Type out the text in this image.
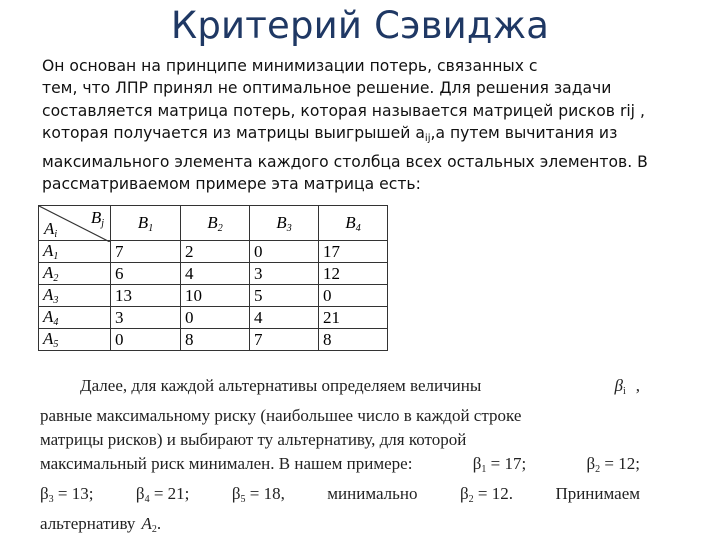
Критерий Сэвиджа

Он основан на принципе минимизации потерь, связанных с

тем, что ЛПР принял не оптимальное решение. Для решения задачи

составляется матрица потерь, которая называется матрицей рисков rij ,

которая получается из матрицы выигрышей $a_{ij},а$ путем вычитания из

максимального элемента каждого столбца всех остальных элементов. В

рассматриваемом примере эта матрица есть:

$B_j$
$A_i$	$B_1$	$B_2$	$B_3$	$B_4$
$A_1$	7	2	0	17
$A_2$	6	4	3	12
$A_3$	13	10	5	0
$A_4$	3	0	4	21
$A_5$	0	8	7	8
Далее, для каждой альтернативы определяем величины	$\beta_i$ ,
равные максимальному риску (наибольшее число в каждой строке
матрицы рисков) и выбирают ту альтернативу, для которой
максимальный риск минимален. В нашем примере:	$\beta_1 = 17$;	$\beta_2 = 12$;
$\beta_3 = 13$; $\beta_4 = 21$; $\beta_5 = 18$, минимально $\beta_2 = 12$. Принимаем
альтернативу $A_2$.
